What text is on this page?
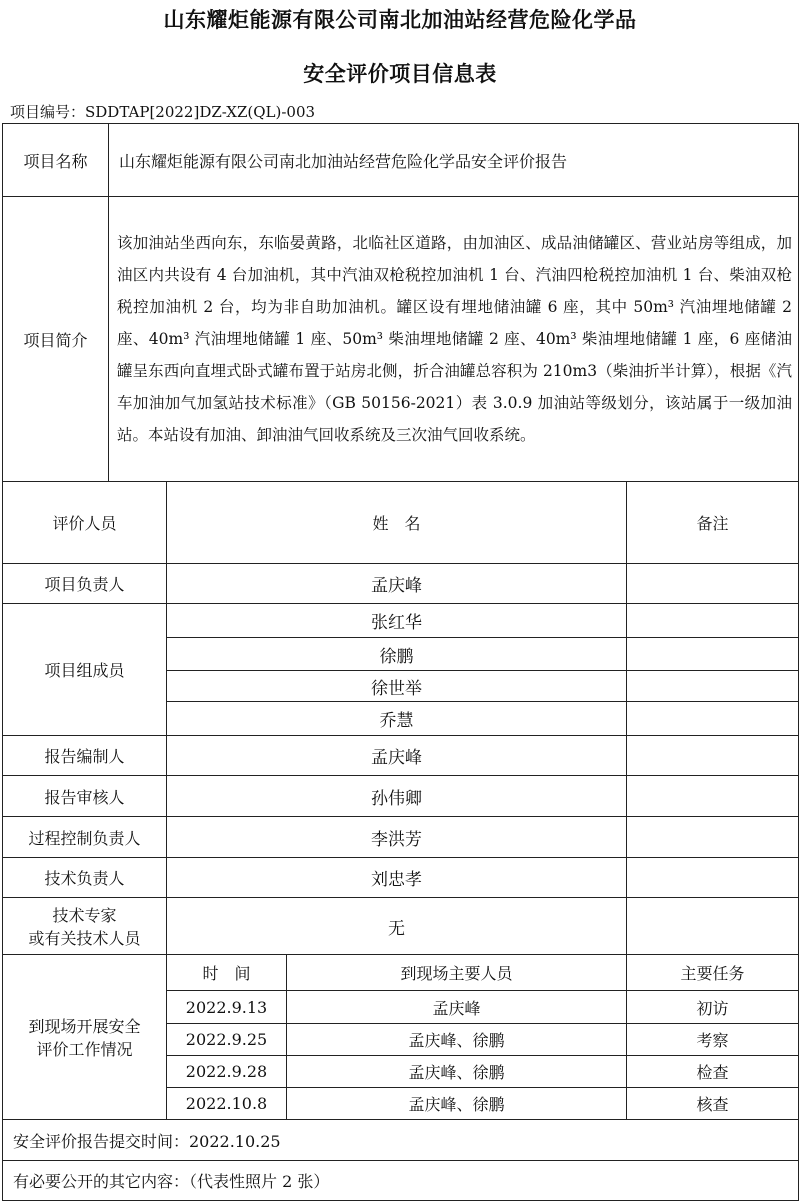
山东耀炬能源有限公司南北加油站经营危险化学品
安全评价项目信息表
项目编号：SDDTAP[2022]DZ-XZ(QL)-003
项目名称	山东耀炬能源有限公司南北加油站经营危险化学品安全评价报告			
项目简介	该加油站坐西向东，东临晏黄路，北临社区道路，由加油区、成品油储罐区、营业站房等组成，加油区内共设有 4 台加油机，其中汽油双枪税控加油机 1 台、汽油四枪税控加油机 1 台、柴油双枪税控加油机 2 台，均为非自助加油机。罐区设有埋地储油罐 6 座，其中 50m³ 汽油埋地储罐 2 座、40m³ 汽油埋地储罐 1 座、50m³ 柴油埋地储罐 2 座、40m³ 柴油埋地储罐 1 座，6 座储油罐呈东西向直埋式卧式罐布置于站房北侧，折合油罐总容积为 210m3（柴油折半计算），根据《汽车加油加气加氢站技术标准》（GB 50156-2021）表 3.0.9 加油站等级划分，该站属于一级加油站。本站设有加油、卸油油气回收系统及三次油气回收系统。			
评价人员		姓　名		备注
项目负责人		孟庆峰		
项目组成员		张红华		
		徐鹏		
		徐世举		
		乔慧		
报告编制人		孟庆峰		
报告审核人		孙伟卿		
过程控制负责人		李洪芳		
技术负责人		刘忠孝		

技术专家
或有关技术人员		无		

到现场开展安全
评价工作情况		时　间	到现场主要人员	主要任务
		2022.9.13	孟庆峰	初访
		2022.9.25	孟庆峰、徐鹏	考察
		2022.9.28	孟庆峰、徐鹏	检查
		2022.10.8	孟庆峰、徐鹏	核查
安全评价报告提交时间：2022.10.25				
有必要公开的其它内容：（代表性照片 2 张）				
